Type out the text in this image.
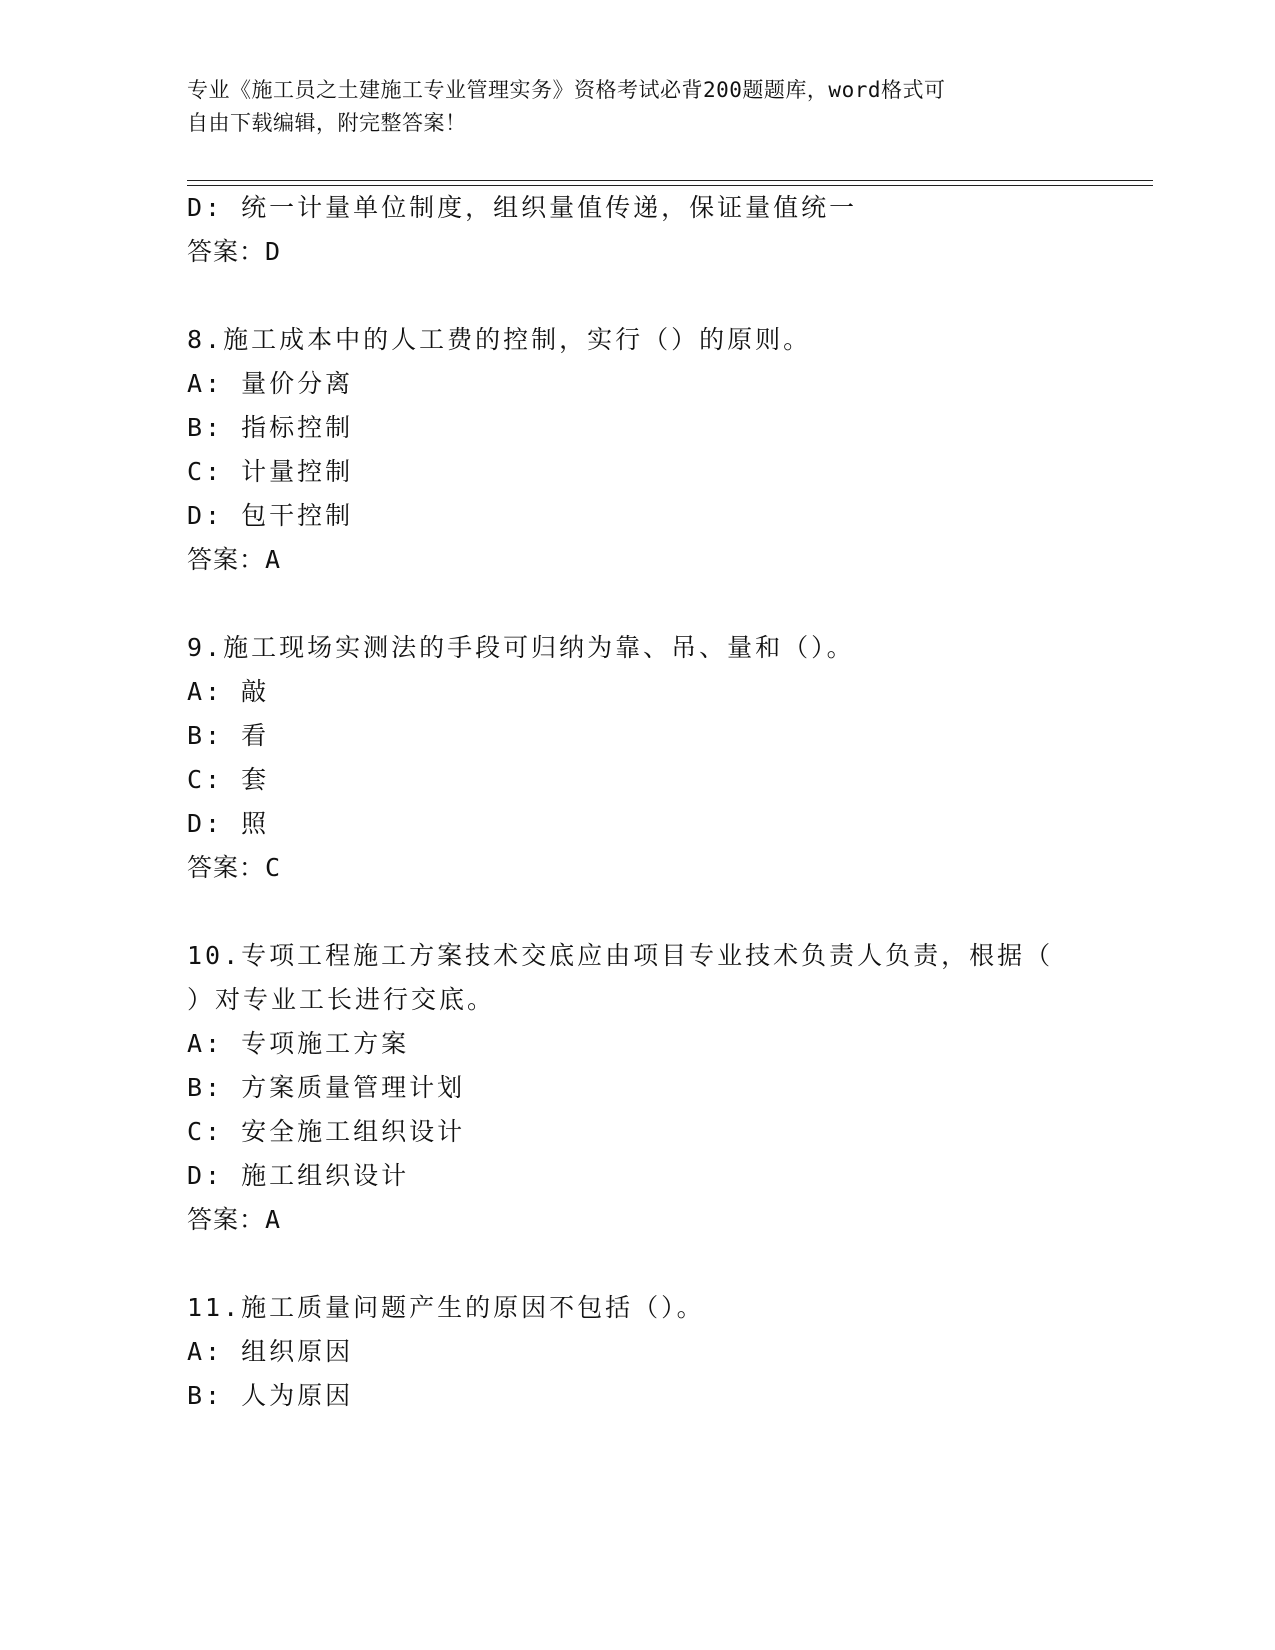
专业《施工员之土建施工专业管理实务》资格考试必背200题题库，word格式可
自由下载编辑，附完整答案！
D: 统一计量单位制度，组织量值传递，保证量值统一
答案：D
8.施工成本中的人工费的控制，实行（）的原则。
A: 量价分离
B: 指标控制
C: 计量控制
D: 包干控制
答案：A
9.施工现场实测法的手段可归纳为靠、吊、量和（）。
A: 敲
B: 看
C: 套
D: 照
答案：C
10.专项工程施工方案技术交底应由项目专业技术负责人负责，根据（
）对专业工长进行交底。
A: 专项施工方案
B: 方案质量管理计划
C: 安全施工组织设计
D: 施工组织设计
答案：A
11.施工质量问题产生的原因不包括（）。
A: 组织原因
B: 人为原因
